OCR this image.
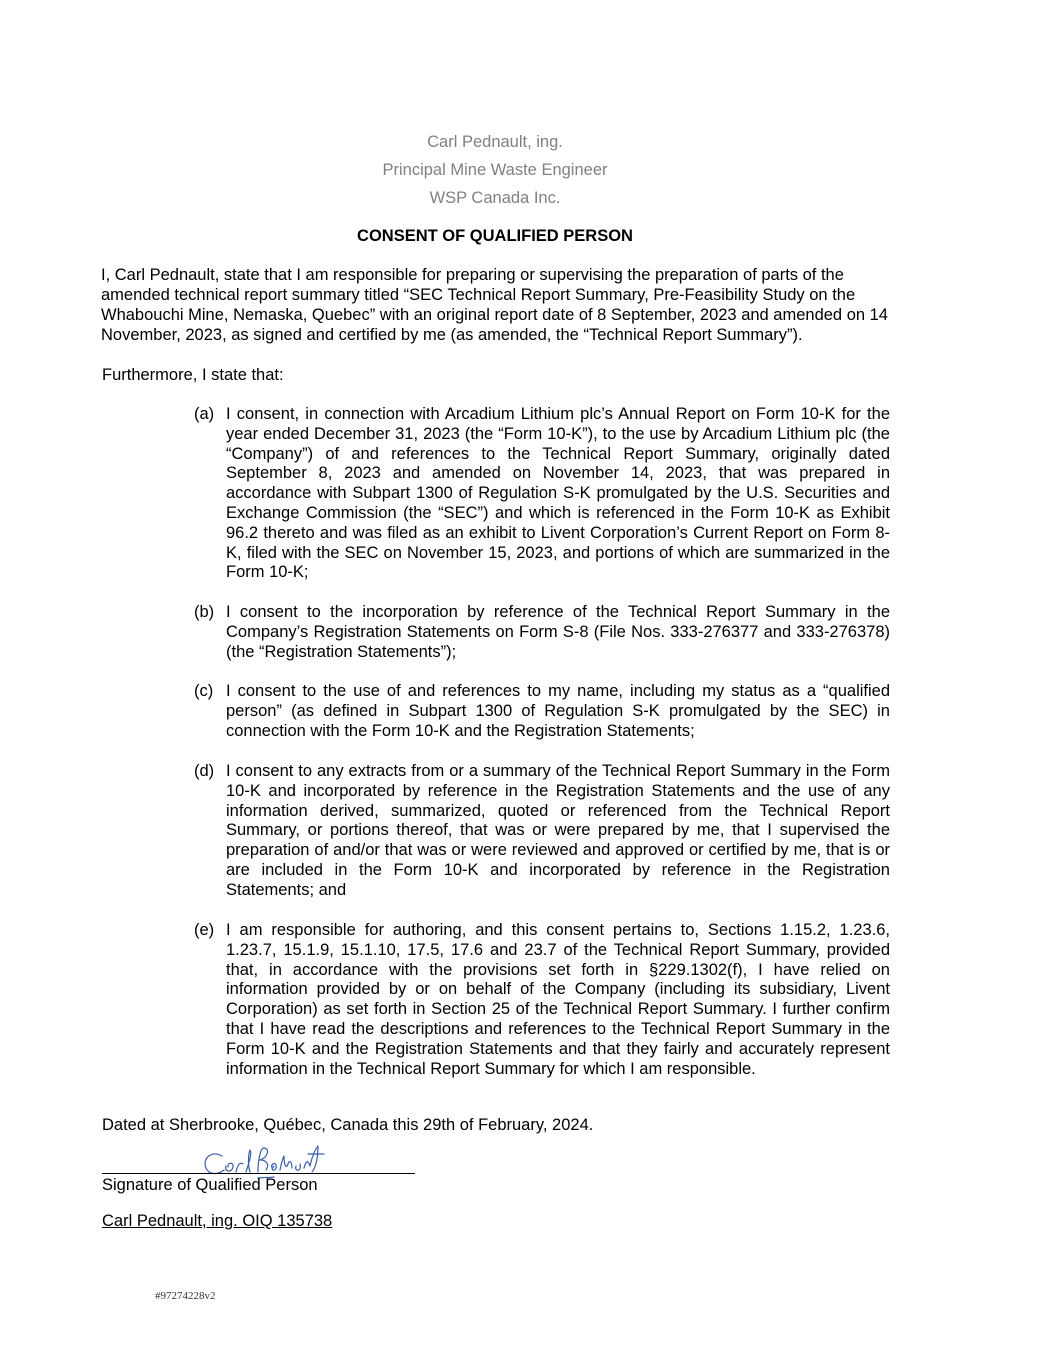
Carl Pednault, ing.
Principal Mine Waste Engineer
WSP Canada Inc.
CONSENT OF QUALIFIED PERSON

I, Carl Pednault, state that I am responsible for preparing or supervising the preparation of parts of the amended technical report summary titled “SEC Technical Report Summary, Pre-Feasibility Study on the Whabouchi Mine, Nemaska, Quebec” with an original report date of 8 September, 2023 and amended on 14 November, 2023, as signed and certified by me (as amended, the “Technical Report Summary”).

Furthermore, I state that:

(a) I consent, in connection with Arcadium Lithium plc’s Annual Report on Form 10-K for the year ended December 31, 2023 (the “Form 10-K”), to the use by Arcadium Lithium plc (the “Company”) of and references to the Technical Report Summary, originally dated September 8, 2023 and amended on November 14, 2023, that was prepared in accordance with Subpart 1300 of Regulation S-K promulgated by the U.S. Securities and Exchange Commission (the “SEC”) and which is referenced in the Form 10-K as Exhibit 96.2 thereto and was filed as an exhibit to Livent Corporation’s Current Report on Form 8-K, filed with the SEC on November 15, 2023, and portions of which are summarized in the Form 10-K;
(b) I consent to the incorporation by reference of the Technical Report Summary in the Company’s Registration Statements on Form S-8 (File Nos. 333-276377 and 333-276378) (the “Registration Statements”);
(c) I consent to the use of and references to my name, including my status as a “qualified person” (as defined in Subpart 1300 of Regulation S-K promulgated by the SEC) in connection with the Form 10-K and the Registration Statements;
(d) I consent to any extracts from or a summary of the Technical Report Summary in the Form 10-K and incorporated by reference in the Registration Statements and the use of any information derived, summarized, quoted or referenced from the Technical Report Summary, or portions thereof, that was or were prepared by me, that I supervised the preparation of and/or that was or were reviewed and approved or certified by me, that is or are included in the Form 10-K and incorporated by reference in the Registration Statements; and
(e) I am responsible for authoring, and this consent pertains to, Sections 1.15.2, 1.23.6, 1.23.7, 15.1.9, 15.1.10, 17.5, 17.6 and 23.7 of the Technical Report Summary, provided that, in accordance with the provisions set forth in §229.1302(f), I have relied on information provided by or on behalf of the Company (including its subsidiary, Livent Corporation) as set forth in Section 25 of the Technical Report Summary. I further confirm that I have read the descriptions and references to the Technical Report Summary in the Form 10-K and the Registration Statements and that they fairly and accurately represent information in the Technical Report Summary for which I am responsible.

Dated at Sherbrooke, Québec, Canada this 29th of February, 2024.

Signature of Qualified Person

Carl Pednault, ing. OIQ 135738

#97274228v2
